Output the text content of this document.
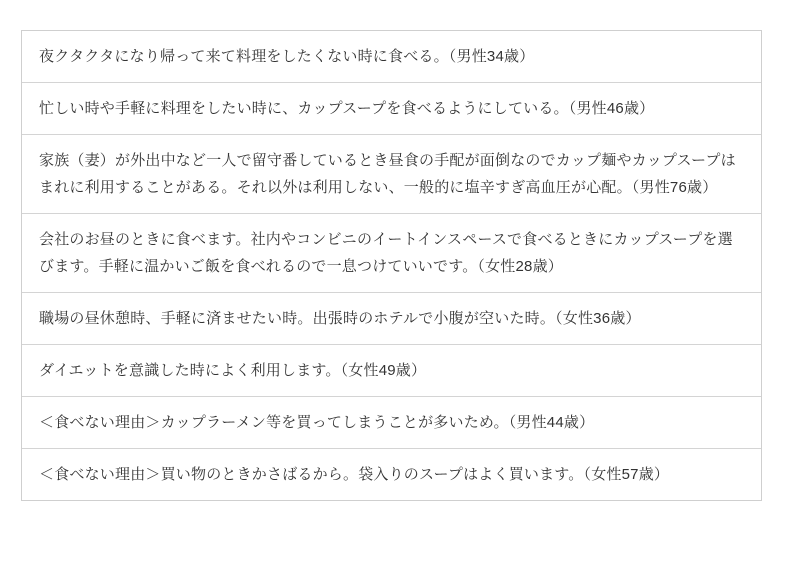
夜クタクタになり帰って来て料理をしたくない時に食べる。（男性34歳）

忙しい時や手軽に料理をしたい時に、カップスープを食べるようにしている。（男性46歳）

家族（妻）が外出中など一人で留守番しているとき昼食の手配が面倒なのでカップ麺やカップスープはまれに利用することがある。それ以外は利用しない、一般的に塩辛すぎ高血圧が心配。（男性76歳）

会社のお昼のときに食べます。社内やコンビニのイートインスペースで食べるときにカップスープを選びます。手軽に温かいご飯を食べれるので一息つけていいです。（女性28歳）

職場の昼休憩時、手軽に済ませたい時。出張時のホテルで小腹が空いた時。（女性36歳）

ダイエットを意識した時によく利用します。（女性49歳）

＜食べない理由＞カップラーメン等を買ってしまうことが多いため。（男性44歳）

＜食べない理由＞買い物のときかさばるから。袋入りのスープはよく買います。（女性57歳）
